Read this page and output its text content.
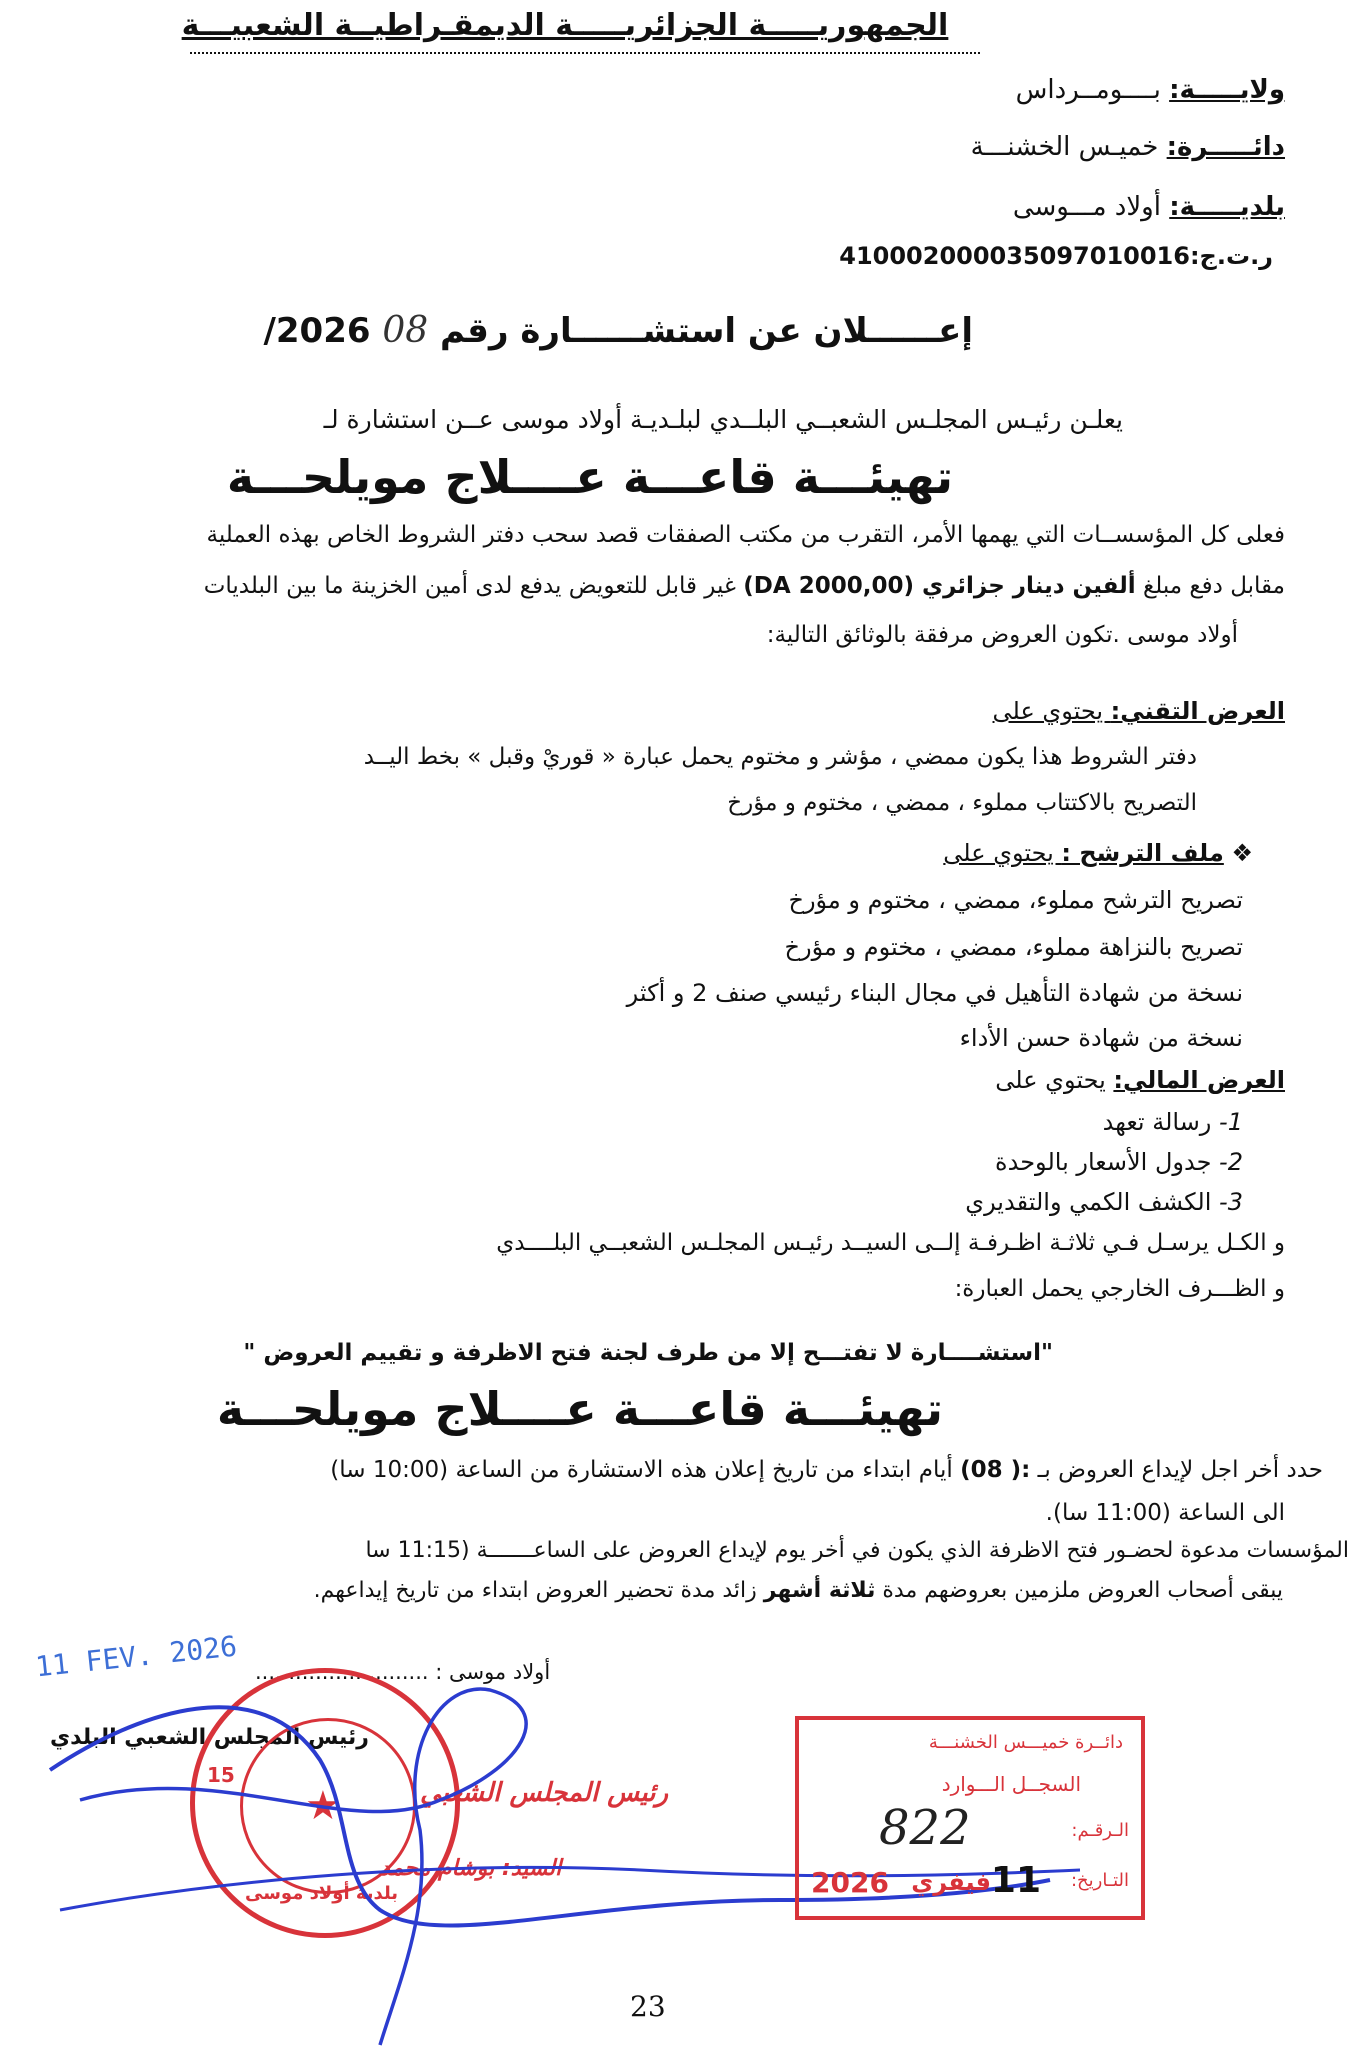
الجمهوريـــــة الجزائريـــــة الديمقـراطيــة الشعبيـــة
ولايـــــة: بــــومــرداس
دائـــــرة: خميـس الخشنـــة
بلديـــــة: أولاد مـــوسى
ر.ت.ج:410002000035097010016
إعــــــلان عن استشــــــارة رقم 08 2026/
يعلـن رئيـس المجلـس الشعبــي البلــدي لبلـديـة أولاد موسى عــن استشارة لـ
تهيئـــة قاعـــة عــــلاج مويلحـــة
فعلى كل المؤسســات التي يهمها الأمر، التقرب من مكتب الصفقات قصد سحب دفتر الشروط الخاص بهذه العملية
مقابل دفع مبلغ ألفين دينار جزائري (2000,00 DA) غير قابل للتعويض يدفع لدى أمين الخزينة ما بين البلديات
أولاد موسى .تكون العروض مرفقة بالوثائق التالية:
العرض التقني: يحتوي على
دفتر الشروط هذا يكون ممضي ، مؤشر و مختوم يحمل عبارة « قوريْ وقبل » بخط اليــد
التصريح بالاكتتاب مملوء ، ممضي ، مختوم و مؤرخ
❖ ملف الترشح : يحتوي على
تصريح الترشح مملوء، ممضي ، مختوم و مؤرخ
تصريح بالنزاهة مملوء، ممضي ، مختوم و مؤرخ
نسخة من شهادة التأهيل في مجال البناء رئيسي صنف 2 و أكثر
نسخة من شهادة حسن الأداء
العرض المالي: يحتوي على
1- رسالة تعهد
2- جدول الأسعار بالوحدة
3- الكشف الكمي والتقديري
و الكـل يرسـل فـي ثلاثـة اظـرفـة إلــى السيــد رئيـس المجلـس الشعبــي البلــــدي
و الظـــرف الخارجي يحمل العبارة:
"استشــــارة لا تفتـــح إلا من طرف لجنة فتح الاظرفة و تقييم العروض "
تهيئـــة قاعـــة عــــلاج مويلحـــة
حدد أخر اجل لإيداع العروض بـ :( 08) أيام ابتداء من تاريخ إعلان هذه الاستشارة من الساعة (10:00 سا)
الى الساعة (11:00 سا).
المؤسسات مدعوة لحضـور فتح الاظرفة الذي يكون في أخر يوم لإيداع العروض على الساعـــــــة (11:15 سا
يبقى أصحاب العروض ملزمين بعروضهم مدة ثلاثة أشهر زائد مدة تحضير العروض ابتداء من تاريخ إيداعهم.
11 FEV. 2026 أولاد موسى : ..........................
رئيس المجلس الشعبي البلدي
15
بلدية أولاد موسى
★	رئيس المجلس الشعبي
السيد: بوشام محمد
دائــرة خميـــس الخشنـــة
السجــل الـــوارد
الـرقـم:
822
التـاريخ:
11
فيفري
2026
23
